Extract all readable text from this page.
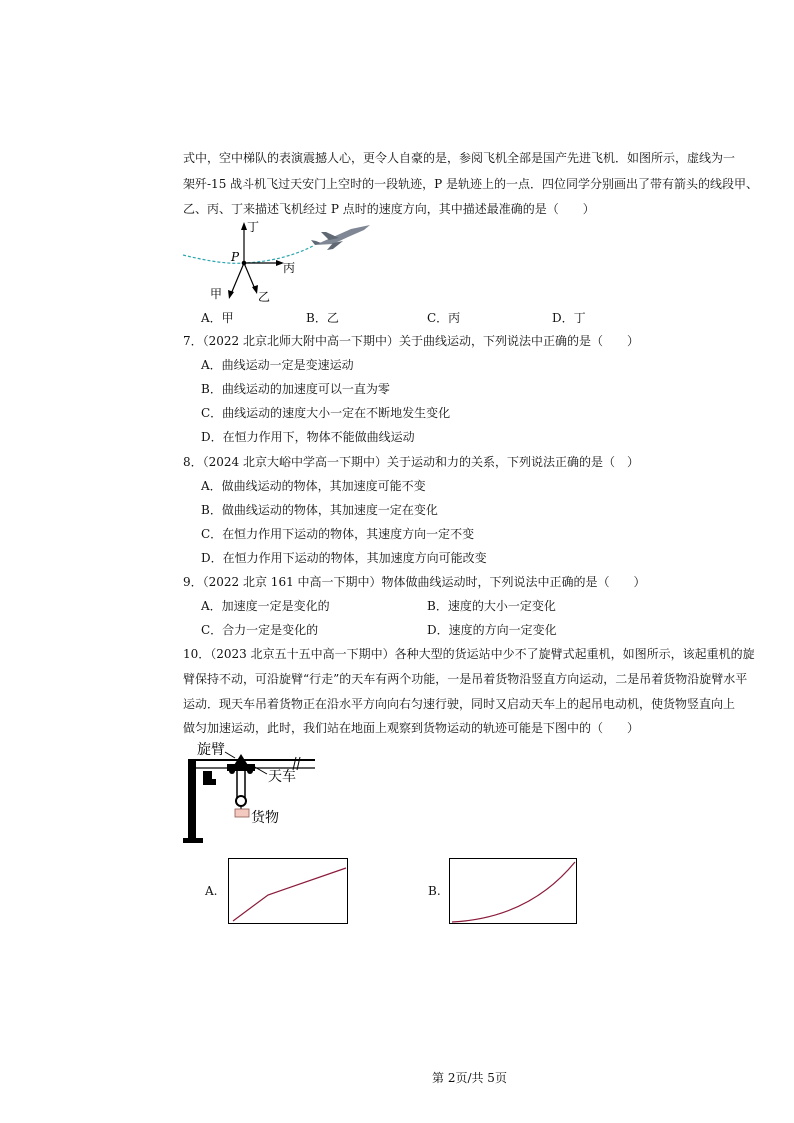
式中，空中梯队的表演震撼人心，更令人自豪的是，参阅飞机全部是国产先进飞机．如图所示，虚线为一
架歼-15 战斗机飞过天安门上空时的一段轨迹，P 是轨迹上的一点．四位同学分别画出了带有箭头的线段甲、
乙、丙、丁来描述飞机经过 P 点时的速度方向，其中描述最准确的是（　　）
P
丁
丙
甲	乙
A．甲	B．乙	C．丙	D．丁
7．（2022 北京北师大附中高一下期中）关于曲线运动，下列说法中正确的是（　　）
A．曲线运动一定是变速运动
B．曲线运动的加速度可以一直为零
C．曲线运动的速度大小一定在不断地发生变化
D．在恒力作用下，物体不能做曲线运动
8．（2024 北京大峪中学高一下期中）关于运动和力的关系，下列说法正确的是（　）
A．做曲线运动的物体，其加速度可能不变
B．做曲线运动的物体，其加速度一定在变化
C．在恒力作用下运动的物体，其速度方向一定不变
D．在恒力作用下运动的物体，其加速度方向可能改变
9．（2022 北京 161 中高一下期中）物体做曲线运动时，下列说法中正确的是（　　）
A．加速度一定是变化的	B．速度的大小一定变化
C．合力一定是变化的	D．速度的方向一定变化
10．（2023 北京五十五中高一下期中）各种大型的货运站中少不了旋臂式起重机，如图所示，该起重机的旋
臂保持不动，可沿旋臂“行走”的天车有两个功能，一是吊着货物沿竖直方向运动，二是吊着货物沿旋臂水平
运动．现天车吊着货物正在沿水平方向向右匀速行驶，同时又启动天车上的起吊电动机，使货物竖直向上
做匀加速运动，此时，我们站在地面上观察到货物运动的轨迹可能是下图中的（　　）
旋臂
天车
货物
A.	B.
第 2页/共 5页
